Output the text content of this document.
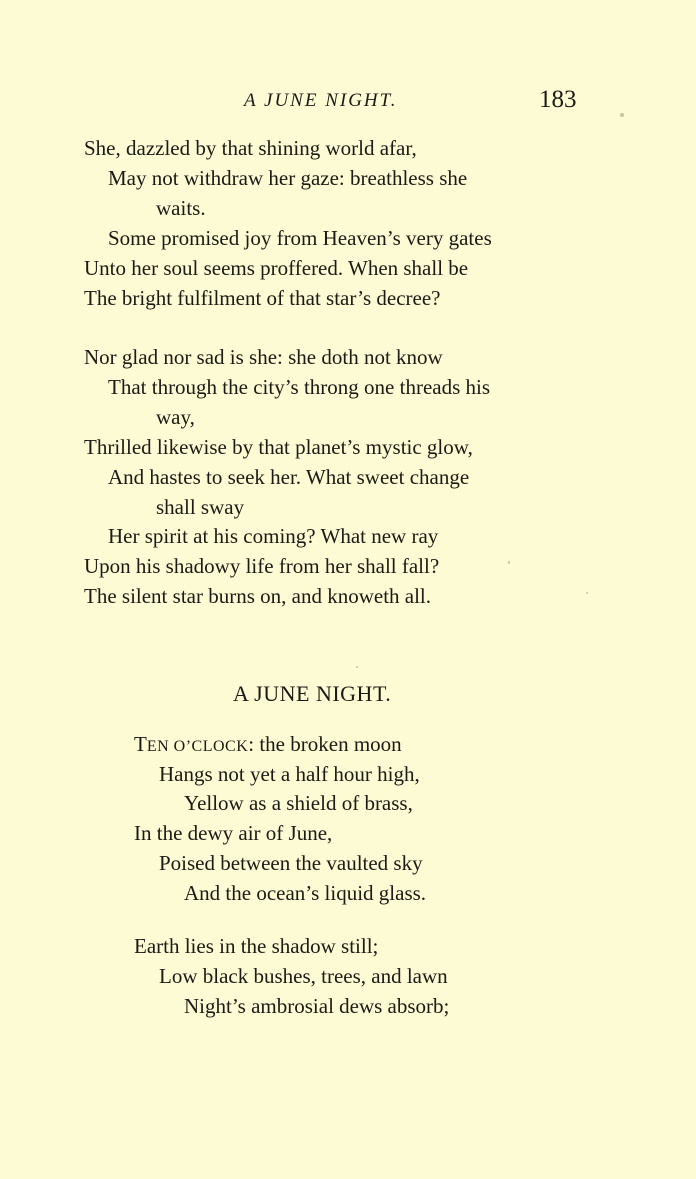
A JUNE NIGHT.	183
She, dazzled by that shining world afar,
May not withdraw her gaze: breathless she
waits.
Some promised joy from Heaven’s very gates
Unto her soul seems proffered. When shall be
The bright fulfilment of that star’s decree?
Nor glad nor sad is she: she doth not know
That through the city’s throng one threads his
way,
Thrilled likewise by that planet’s mystic glow,
And hastes to seek her. What sweet change
shall sway
Her spirit at his coming? What new ray
Upon his shadowy life from her shall fall?
The silent star burns on, and knoweth all.
A JUNE NIGHT.
TEN O’CLOCK: the broken moon
Hangs not yet a half hour high,
Yellow as a shield of brass,
In the dewy air of June,
Poised between the vaulted sky
And the ocean’s liquid glass.
Earth lies in the shadow still;
Low black bushes, trees, and lawn
Night’s ambrosial dews absorb;
